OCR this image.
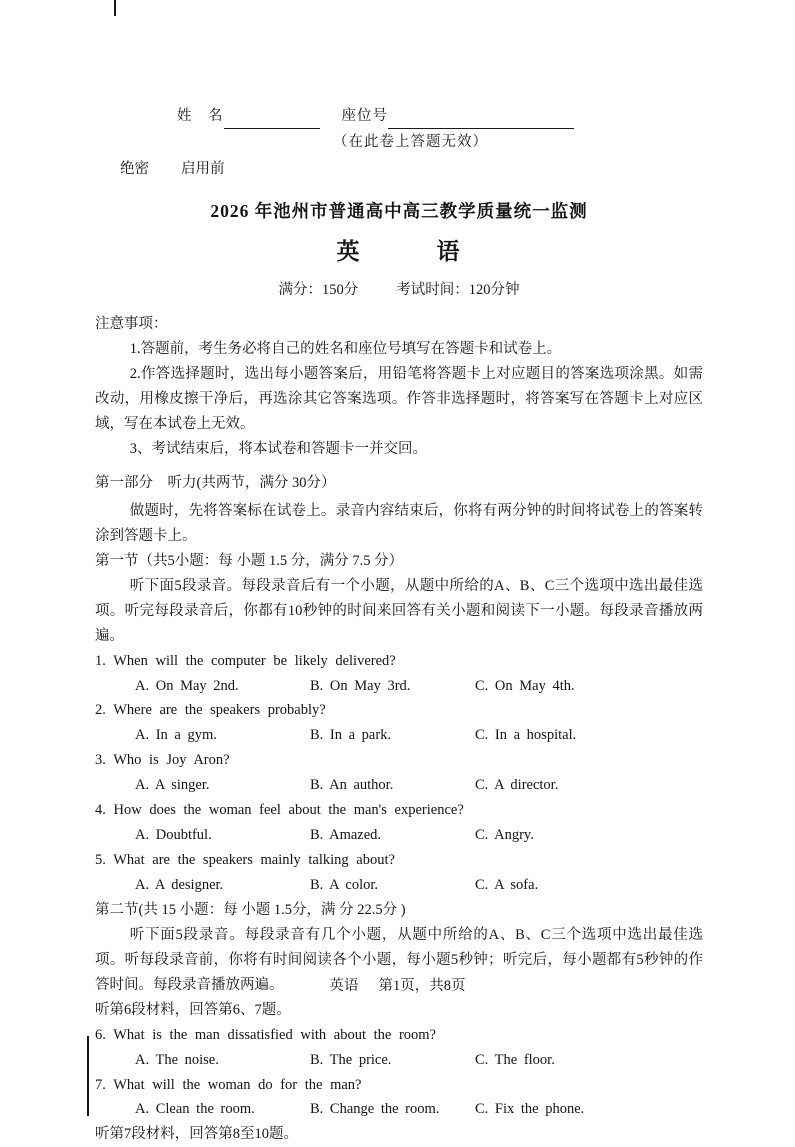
姓　名	座位号
（在此卷上答题无效）
绝密 启用前
2026 年池州市普通高中高三教学质量统一监测
英　　　语
满分：150分	考试时间：120分钟
注意事项：
1.答题前，考生务必将自己的姓名和座位号填写在答题卡和试卷上。
2.作答选择题时，选出每小题答案后，用铅笔将答题卡上对应题目的答案选项涂黑。如需改动，用橡皮擦干净后，再选涂其它答案选项。作答非选择题时，将答案写在答题卡上对应区域，写在本试卷上无效。
3、考试结束后，将本试卷和答题卡一并交回。
第一部分　听力(共两节，满分 30分）
做题时，先将答案标在试卷上。录音内容结束后，你将有两分钟的时间将试卷上的答案转涂到答题卡上。
第一节（共5小题：每 小题 1.5 分，满分 7.5 分）
听下面5段录音。每段录音后有一个小题，从题中所给的A、B、C三个选项中选出最佳选项。听完每段录音后，你都有10秒钟的时间来回答有关小题和阅读下一小题。每段录音播放两遍。
1. When will the computer be likely delivered?
A. On May 2nd.	B. On May 3rd.	C. On May 4th.
2. Where are the speakers probably?
A. In a gym.	B. In a park.	C. In a hospital.
3. Who is Joy Aron?
A. A singer.	B. An author.	C. A director.
4. How does the woman feel about the man's experience?
A. Doubtful.	B. Amazed.	C. Angry.
5. What are the speakers mainly talking about?
A. A designer.	B. A color.	C. A sofa.
第二节(共 15 小题：每 小题 1.5分，满 分 22.5分 )
听下面5段录音。每段录音有几个小题，从题中所给的A、B、C三个选项中选出最佳选项。听每段录音前，你将有时间阅读各个小题，每小题5秒钟；听完后，每小题都有5秒钟的作答时间。每段录音播放两遍。
听第6段材料，回答第6、7题。
6. What is the man dissatisfied with about the room?
A. The noise.	B. The price.	C. The floor.
7. What will the woman do for the man?
A. Clean the room.	B. Change the room.	C. Fix the phone.
听第7段材料，回答第8至10题。
英语 第1页，共8页
